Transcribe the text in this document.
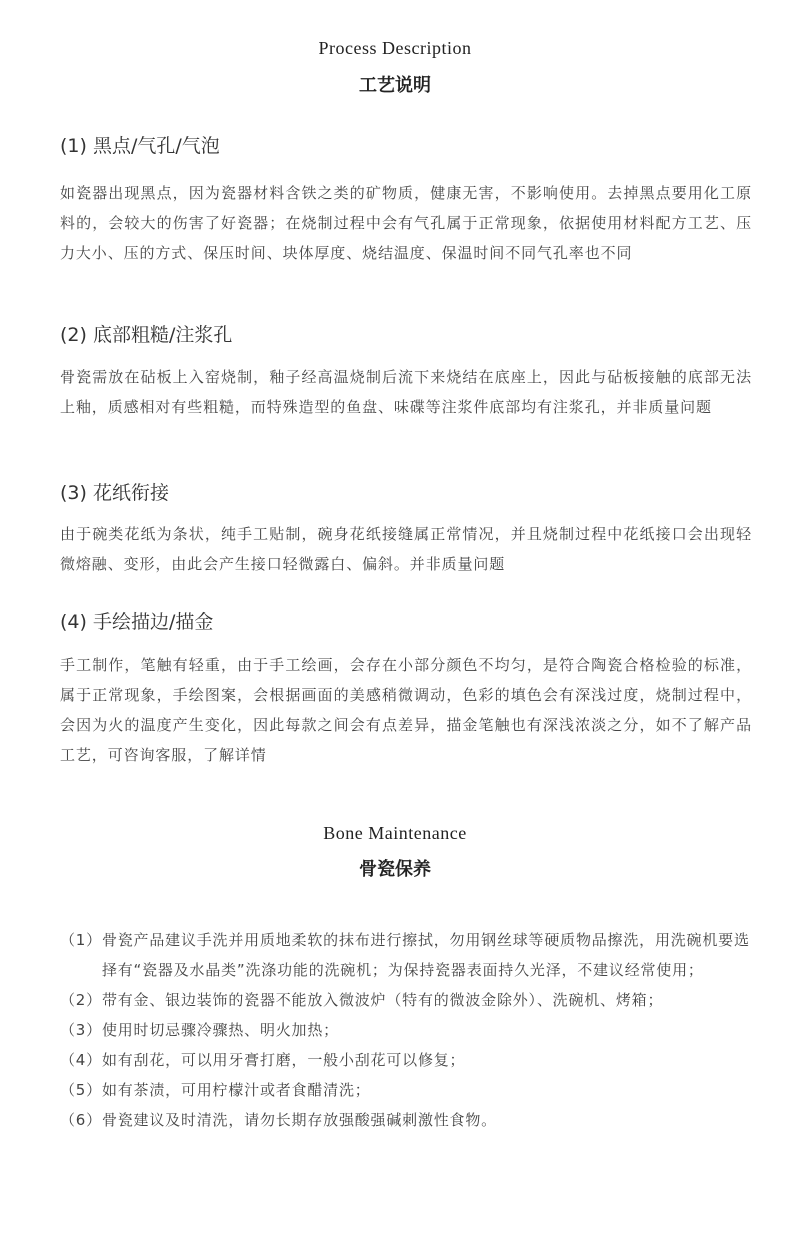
Process Description
工艺说明
(1) 黑点/气孔/气泡

如瓷器出现黑点，因为瓷器材料含铁之类的矿物质，健康无害，不影响使用。去掉黑点要用化工原料的，会较大的伤害了好瓷器；在烧制过程中会有气孔属于正常现象，依据使用材料配方工艺、压力大小、压的方式、保压时间、块体厚度、烧结温度、保温时间不同气孔率也不同

(2) 底部粗糙/注浆孔

骨瓷需放在砧板上入窑烧制，釉子经高温烧制后流下来烧结在底座上，因此与砧板接触的底部无法上釉，质感相对有些粗糙，而特殊造型的鱼盘、味碟等注浆件底部均有注浆孔，并非质量问题

(3) 花纸衔接

由于碗类花纸为条状，纯手工贴制，碗身花纸接缝属正常情况，并且烧制过程中花纸接口会出现轻微熔融、变形，由此会产生接口轻微露白、偏斜。并非质量问题

(4) 手绘描边/描金

手工制作，笔触有轻重，由于手工绘画，会存在小部分颜色不均匀，是符合陶瓷合格检验的标准，属于正常现象，手绘图案，会根据画面的美感稍微调动，色彩的填色会有深浅过度，烧制过程中，会因为火的温度产生变化，因此每款之间会有点差异，描金笔触也有深浅浓淡之分，如不了解产品工艺，可咨询客服，了解详情

Bone Maintenance
骨瓷保养
（1） 骨瓷产品建议手洗并用质地柔软的抹布进行擦拭，勿用钢丝球等硬质物品擦洗，用洗碗机要选择有“瓷器及水晶类”洗涤功能的洗碗机；为保持瓷器表面持久光泽，不建议经常使用；
（2） 带有金、银边装饰的瓷器不能放入微波炉（特有的微波金除外）、洗碗机、烤箱；
（3） 使用时切忌骤冷骤热、明火加热；
（4） 如有刮花，可以用牙膏打磨，一般小刮花可以修复；
（5） 如有茶渍，可用柠檬汁或者食醋清洗；
（6） 骨瓷建议及时清洗，请勿长期存放强酸强碱刺激性食物。
